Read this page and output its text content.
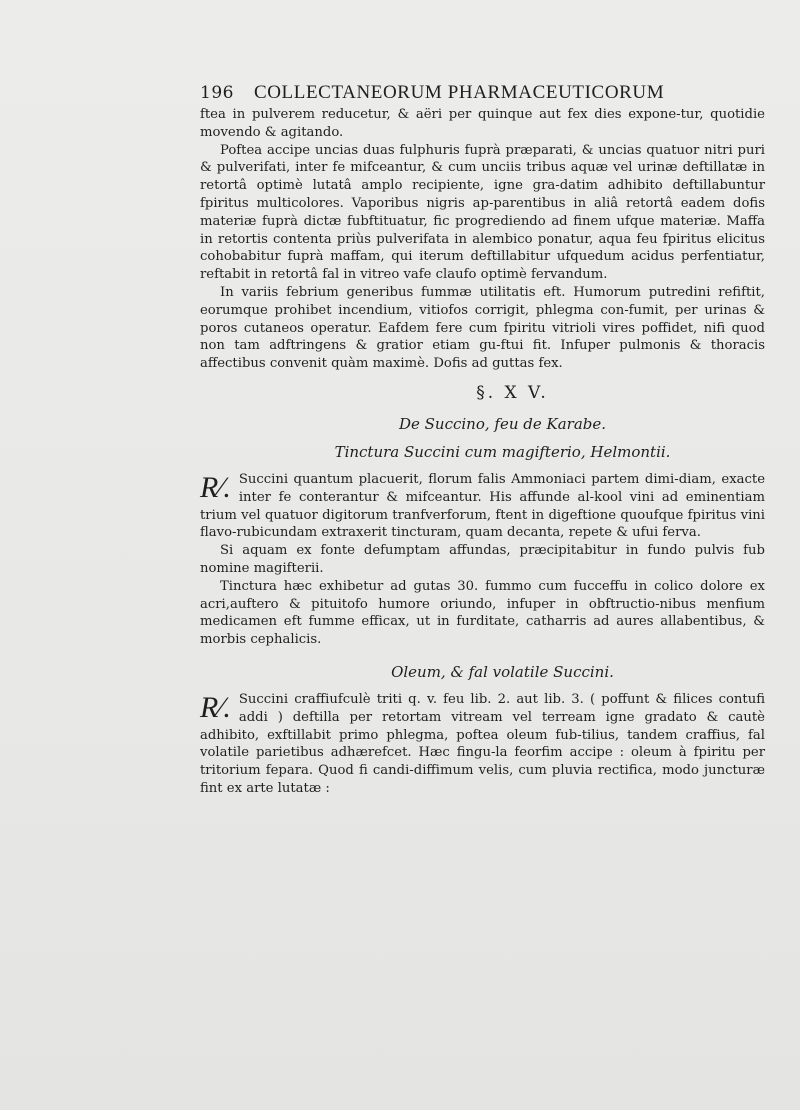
196 COLLECTANEORUM PHARMACEUTICORUM

ftea in pulverem reducetur, & aëri per quinque aut fex dies expone-tur, quotidie movendo & agitando.

Poftea accipe uncias duas fulphuris fuprà præparati, & uncias quatuor nitri puri & pulverifati, inter fe mifceantur, & cum unciis tribus aquæ vel urinæ deftillatæ in retortâ optimè lutatâ amplo recipiente, igne gra-datim adhibito deftillabuntur fpiritus multicolores. Vaporibus nigris ap-parentibus in aliâ retortâ eadem dofis materiæ fuprà dictæ fubftituatur, fic progrediendo ad finem ufque materiæ. Maffa in retortis contenta priùs pulverifata in alembico ponatur, aqua feu fpiritus elicitus cohobabitur fuprà maffam, qui iterum deftillabitur ufquedum acidus perfentiatur, reftabit in retortâ fal in vitreo vafe claufo optimè fervandum.

In variis febrium generibus fummæ utilitatis eft. Humorum putredini refiftit, eorumque prohibet incendium, vitiofos corrigit, phlegma con-fumit, per urinas & poros cutaneos operatur. Eafdem fere cum fpiritu vitrioli vires poffidet, nifi quod non tam adftringens & gratior etiam gu-ftui fit. Infuper pulmonis & thoracis affectibus convenit quàm maximè. Dofis ad guttas fex.

§. X V.
De Succino, feu de Karabe.
Tinctura Succini cum magifterio, Helmontii.
R⁄. Succini quantum placuerit, florum falis Ammoniaci partem dimi-diam, exacte inter fe conterantur & mifceantur. His affunde al-kool vini ad eminentiam trium vel quatuor digitorum tranfverforum, ftent in digeftione quoufque fpiritus vini flavo-rubicundam extraxerit tincturam, quam decanta, repete & ufui ferva.

Si aquam ex fonte defumptam affundas, præcipitabitur in fundo pulvis fub nomine magifterii.

Tinctura hæc exhibetur ad gutas 30. fummo cum fucceffu in colico dolore ex acri,auftero & pituitofo humore oriundo, infuper in obftructio-nibus menfium medicamen eft fumme efficax, ut in furditate, catharris ad aures allabentibus, & morbis cephalicis.

Oleum, & fal volatile Succini.
R⁄. Succini craffiufculè triti q. v. feu lib. 2. aut lib. 3. ( poffunt & filices contufi addi ) deftilla per retortam vitream vel terream igne gradato & cautè adhibito, exftillabit primo phlegma, poftea oleum fub-tilius, tandem craffius, fal volatile parietibus adhærefcet. Hæc fingu-la feorfim accipe : oleum à fpiritu per tritorium fepara. Quod fi candi-diffimum velis, cum pluvia rectifica, modo juncturæ fint ex arte lutatæ :
